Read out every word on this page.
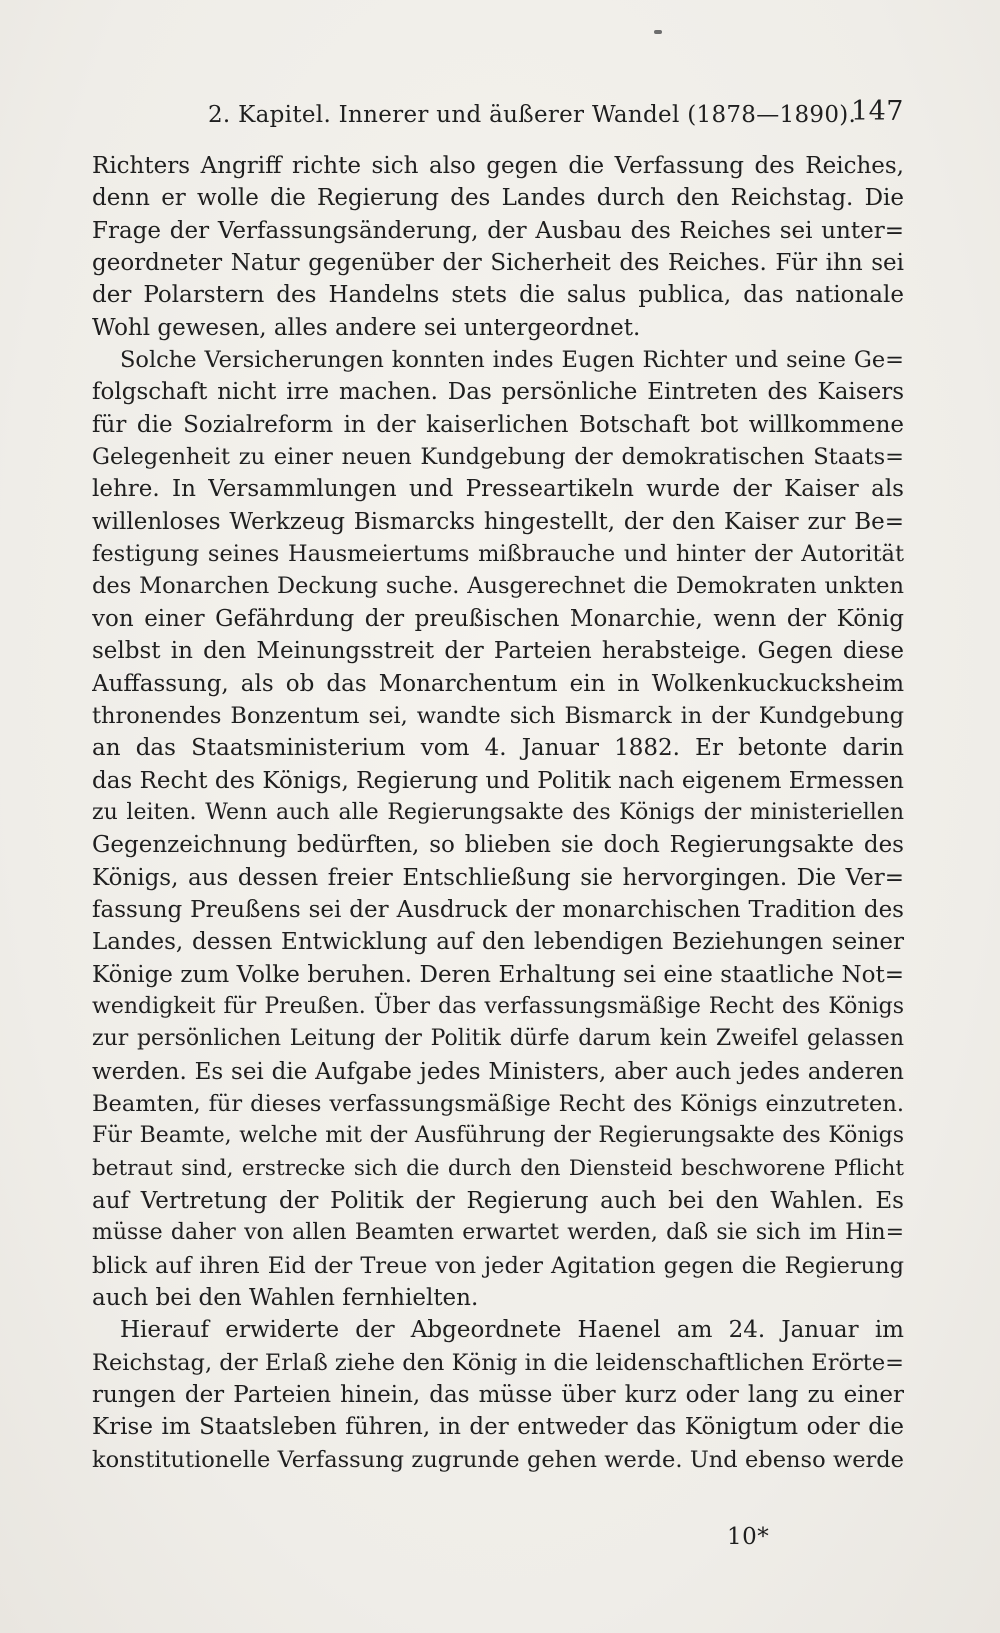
2. Kapitel. Innerer und äußerer Wandel (1878—1890).
147
Richters Angriff richte sich also gegen die Verfassung des Reiches,
denn er wolle die Regierung des Landes durch den Reichstag. Die
Frage der Verfassungsänderung, der Ausbau des Reiches sei unter=
geordneter Natur gegenüber der Sicherheit des Reiches. Für ihn sei
der Polarstern des Handelns stets die salus publica, das nationale
Wohl gewesen, alles andere sei untergeordnet.
Solche Versicherungen konnten indes Eugen Richter und seine Ge=
folgschaft nicht irre machen. Das persönliche Eintreten des Kaisers
für die Sozialreform in der kaiserlichen Botschaft bot willkommene
Gelegenheit zu einer neuen Kundgebung der demokratischen Staats=
lehre. In Versammlungen und Presseartikeln wurde der Kaiser als
willenloses Werkzeug Bismarcks hingestellt, der den Kaiser zur Be=
festigung seines Hausmeiertums mißbrauche und hinter der Autorität
des Monarchen Deckung suche. Ausgerechnet die Demokraten unkten
von einer Gefährdung der preußischen Monarchie, wenn der König
selbst in den Meinungsstreit der Parteien herabsteige. Gegen diese
Auffassung, als ob das Monarchentum ein in Wolkenkuckucksheim
thronendes Bonzentum sei, wandte sich Bismarck in der Kundgebung
an das Staatsministerium vom 4. Januar 1882. Er betonte darin
das Recht des Königs, Regierung und Politik nach eigenem Ermessen
zu leiten. Wenn auch alle Regierungsakte des Königs der ministeriellen
Gegenzeichnung bedürften, so blieben sie doch Regierungsakte des
Königs, aus dessen freier Entschließung sie hervorgingen. Die Ver=
fassung Preußens sei der Ausdruck der monarchischen Tradition des
Landes, dessen Entwicklung auf den lebendigen Beziehungen seiner
Könige zum Volke beruhen. Deren Erhaltung sei eine staatliche Not=
wendigkeit für Preußen. Über das verfassungsmäßige Recht des Königs
zur persönlichen Leitung der Politik dürfe darum kein Zweifel gelassen
werden. Es sei die Aufgabe jedes Ministers, aber auch jedes anderen
Beamten, für dieses verfassungsmäßige Recht des Königs einzutreten.
Für Beamte, welche mit der Ausführung der Regierungsakte des Königs
betraut sind, erstrecke sich die durch den Diensteid beschworene Pflicht
auf Vertretung der Politik der Regierung auch bei den Wahlen. Es
müsse daher von allen Beamten erwartet werden, daß sie sich im Hin=
blick auf ihren Eid der Treue von jeder Agitation gegen die Regierung
auch bei den Wahlen fernhielten.
Hierauf erwiderte der Abgeordnete Haenel am 24. Januar im
Reichstag, der Erlaß ziehe den König in die leidenschaftlichen Erörte=
rungen der Parteien hinein, das müsse über kurz oder lang zu einer
Krise im Staatsleben führen, in der entweder das Königtum oder die
konstitutionelle Verfassung zugrunde gehen werde. Und ebenso werde
10*
